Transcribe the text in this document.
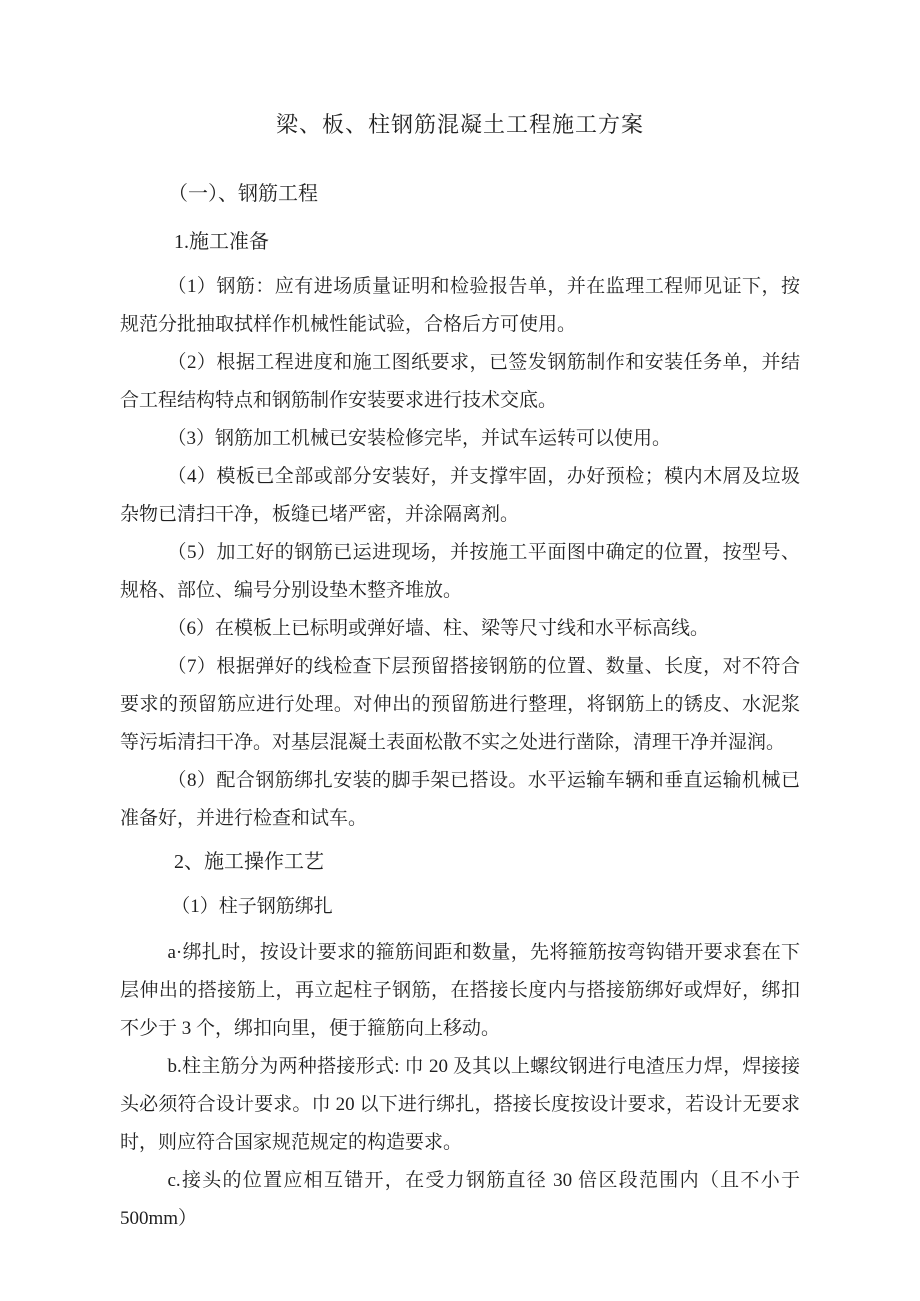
梁、板、柱钢筋混凝土工程施工方案
（一）、钢筋工程
1.施工准备

（1）钢筋：应有进场质量证明和检验报告单，并在监理工程师见证下，按规范分批抽取拭样作机械性能试验，合格后方可使用。

（2）根据工程进度和施工图纸要求，已签发钢筋制作和安装任务单，并结合工程结构特点和钢筋制作安装要求进行技术交底。

（3）钢筋加工机械已安装检修完毕，并试车运转可以使用。

（4）模板已全部或部分安装好，并支撑牢固，办好预检；模内木屑及垃圾杂物已清扫干净，板缝已堵严密，并涂隔离剂。

（5）加工好的钢筋已运进现场，并按施工平面图中确定的位置，按型号、规格、部位、编号分别设垫木整齐堆放。

（6）在模板上已标明或弹好墙、柱、梁等尺寸线和水平标高线。

（7）根据弹好的线检查下层预留搭接钢筋的位置、数量、长度，对不符合要求的预留筋应进行处理。对伸出的预留筋进行整理，将钢筋上的锈皮、水泥浆等污垢清扫干净。对基层混凝土表面松散不实之处进行凿除，清理干净并湿润。

（8）配合钢筋绑扎安装的脚手架已搭设。水平运输车辆和垂直运输机械已准备好，并进行检查和试车。

2、施工操作工艺
（1）柱子钢筋绑扎

a·绑扎时，按设计要求的箍筋间距和数量，先将箍筋按弯钩错开要求套在下层伸出的搭接筋上，再立起柱子钢筋，在搭接长度内与搭接筋绑好或焊好，绑扣不少于 3 个，绑扣向里，便于箍筋向上移动。

b.柱主筋分为两种搭接形式: 巾 20 及其以上螺纹钢进行电渣压力焊，焊接接头必须符合设计要求。巾 20 以下进行绑扎，搭接长度按设计要求，若设计无要求时，则应符合国家规范规定的构造要求。

c.接头的位置应相互错开，在受力钢筋直径 30 倍区段范围内（且不小于 500mm）
